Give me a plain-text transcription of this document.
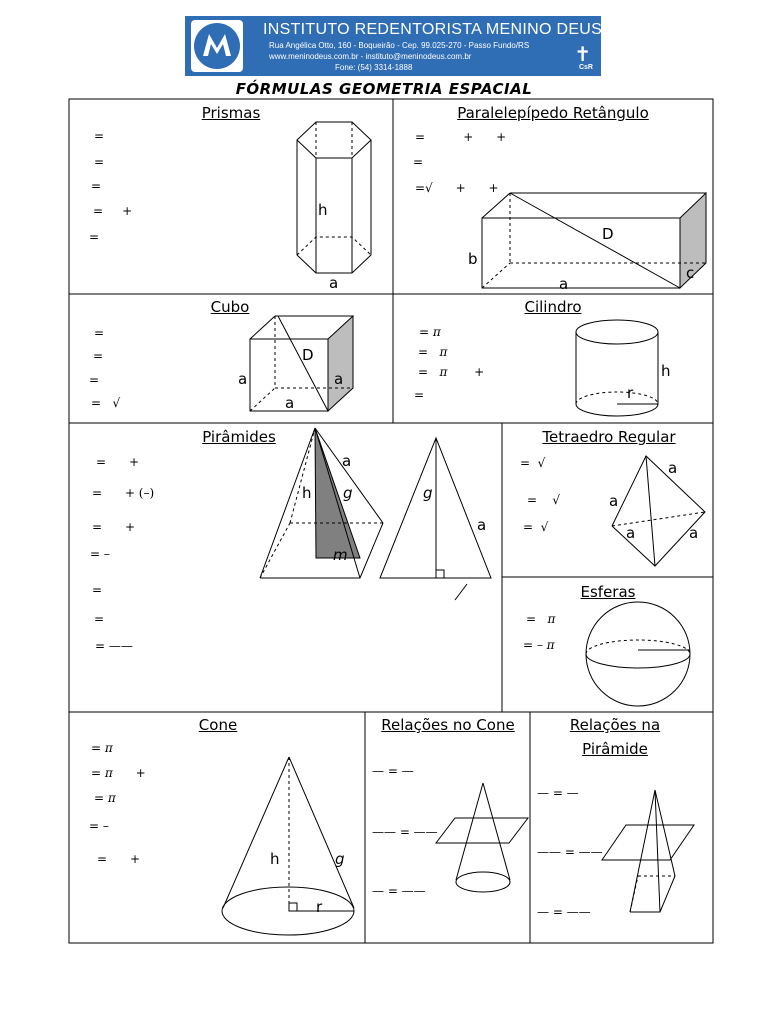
INSTITUTO REDENTORISTA MENINO DEUS
Rua Angélica Otto, 160 - Boqueirão - Cep. 99.025-270 - Passo Fundo/RS
www.meninodeus.com.br - instituto@meninodeus.com.br
Fone: (54) 3314-1888
✝
CsR
FÓRMULAS GEOMETRIA ESPACIAL
Prismas	Paralelepípedo Retângulo
Cubo	Cilindro
Pirâmides	Tetraedro Regular
Esferas
Cone	Relações no Cone	Relações na
Pirâmide
h
a
D
b
a
c
D
a	a
a
h
r
a
h g
m
g
a
a
a
a	a
h	g
r
=
=
=
=     +
=
=          +      +
=
=√      +      +
=
=
=
=   √
= π
=   π
=   π       +
=
=      +
=      + (–)
=      +
= –
=
=
= ——
=  √
=    √
=  √
=   π
= – π
= π
= π      +
= π
= –
=      +
— = —
—— = ——
— = ——
— = —
—— = ——
— = ——
